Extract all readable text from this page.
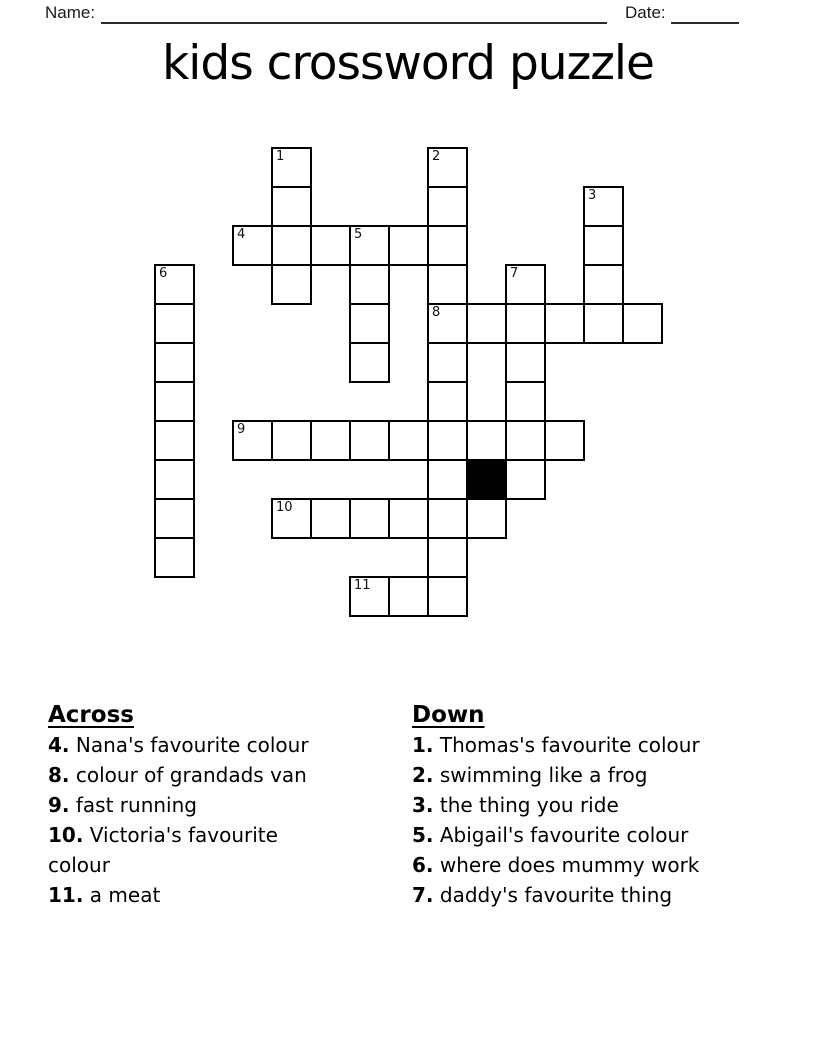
Name:	Date:
kids crossword puzzle
1	2
3
4	5
6	7
8
9
10
11
Across
4. Nana's favourite colour
8. colour of grandads van
9. fast running
10. Victoria's favourite colour
11. a meat
Down
1. Thomas's favourite colour
2. swimming like a frog
3. the thing you ride
5. Abigail's favourite colour
6. where does mummy work
7. daddy's favourite thing
